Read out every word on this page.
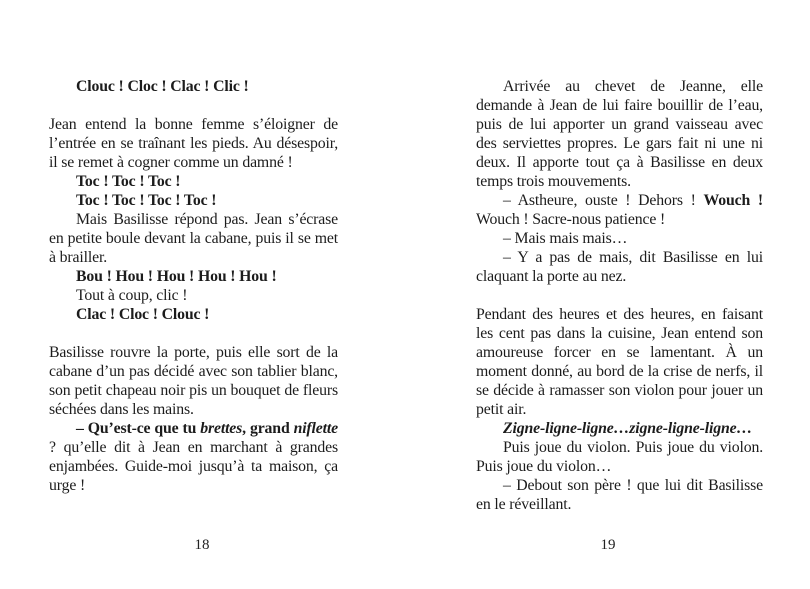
Clouc ! Cloc ! Clac ! Clic !

Jean entend la bonne femme s’éloigner de l’entrée en se traînant les pieds. Au désespoir, il se remet à cogner comme un damné !

Toc ! Toc ! Toc !

Toc ! Toc ! Toc ! Toc !

Mais Basilisse répond pas. Jean s’écrase en petite boule devant la cabane, puis il se met à brailler.

Bou ! Hou ! Hou ! Hou ! Hou !

Tout à coup, clic !

Clac ! Cloc ! Clouc !

Basilisse rouvre la porte, puis elle sort de la cabane d’un pas décidé avec son tablier blanc, son petit chapeau noir pis un bouquet de fleurs séchées dans les mains.

– Qu’est-ce que tu brettes, grand niflette ? qu’elle dit à Jean en marchant à grandes enjambées. Guide-moi jusqu’à ta maison, ça urge !

Arrivée au chevet de Jeanne, elle demande à Jean de lui faire bouillir de l’eau, puis de lui apporter un grand vaisseau avec des serviettes propres. Le gars fait ni une ni deux. Il apporte tout ça à Basilisse en deux temps trois mouvements.

– Astheure, ouste ! Dehors ! Wouch ! Wouch ! Sacre-nous patience !

– Mais mais mais…

– Y a pas de mais, dit Basilisse en lui claquant la porte au nez.

Pendant des heures et des heures, en faisant les cent pas dans la cuisine, Jean entend son amoureuse forcer en se lamentant. À un moment donné, au bord de la crise de nerfs, il se décide à ramasser son violon pour jouer un petit air.

Zigne-ligne-ligne…zigne-ligne-ligne…

Puis joue du violon. Puis joue du violon. Puis joue du violon…

– Debout son père ! que lui dit Basilisse en le réveillant.

18	19
